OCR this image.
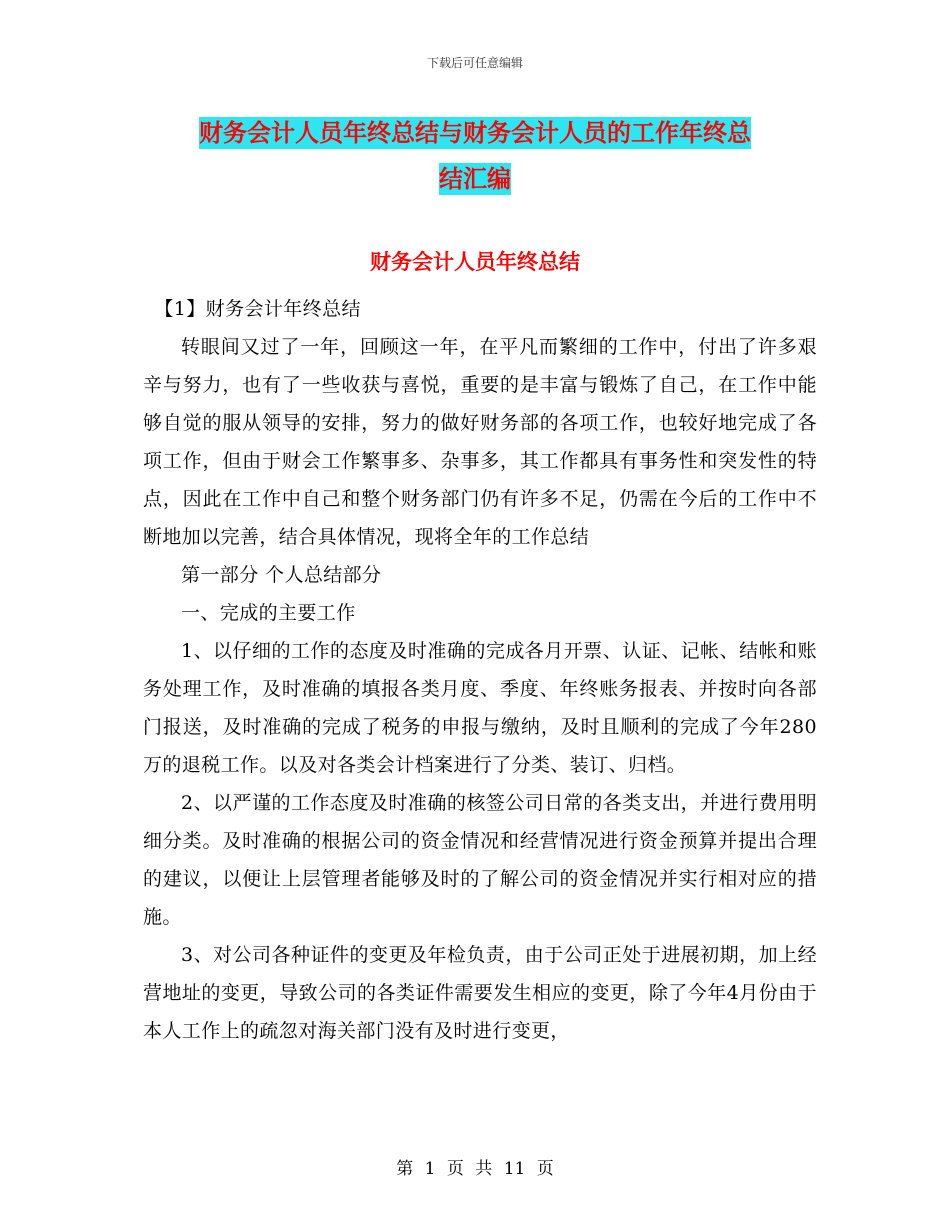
下载后可任意编辑
财务会计人员年终总结与财务会计人员的工作年终总
结汇编
财务会计人员年终总结

【1】财务会计年终总结

转眼间又过了一年，回顾这一年，在平凡而繁细的工作中，付出了许多艰辛与努力，也有了一些收获与喜悦，重要的是丰富与锻炼了自己，在工作中能够自觉的服从领导的安排，努力的做好财务部的各项工作，也较好地完成了各项工作，但由于财会工作繁事多、杂事多，其工作都具有事务性和突发性的特点，因此在工作中自己和整个财务部门仍有许多不足，仍需在今后的工作中不断地加以完善，结合具体情况，现将全年的工作总结

第一部分 个人总结部分

一、完成的主要工作

1、以仔细的工作的态度及时准确的完成各月开票、认证、记帐、结帐和账务处理工作，及时准确的填报各类月度、季度、年终账务报表、并按时向各部门报送，及时准确的完成了税务的申报与缴纳，及时且顺利的完成了今年280万的退税工作。以及对各类会计档案进行了分类、装订、归档。

2、以严谨的工作态度及时准确的核签公司日常的各类支出，并进行费用明细分类。及时准确的根据公司的资金情况和经营情况进行资金预算并提出合理的建议，以便让上层管理者能够及时的了解公司的资金情况并实行相对应的措施。

3、对公司各种证件的变更及年检负责，由于公司正处于进展初期，加上经营地址的变更，导致公司的各类证件需要发生相应的变更，除了今年4月份由于本人工作上的疏忽对海关部门没有及时进行变更，

第 1 页 共 11 页
